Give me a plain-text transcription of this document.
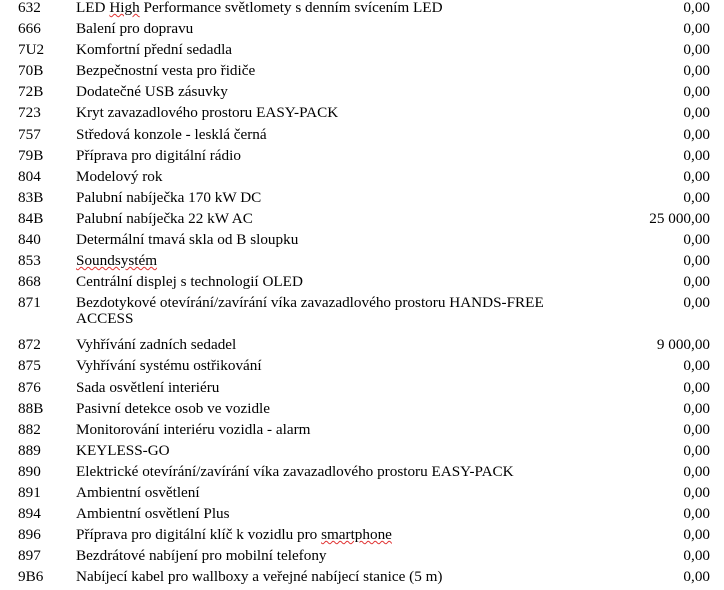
632	LED High Performance světlomety s denním svícením LED	0,00
666	Balení pro dopravu	0,00
7U2	Komfortní přední sedadla	0,00
70B	Bezpečnostní vesta pro řidiče	0,00
72B	Dodatečné USB zásuvky	0,00
723	Kryt zavazadlového prostoru EASY-PACK	0,00
757	Středová konzole - lesklá černá	0,00
79B	Příprava pro digitální rádio	0,00
804	Modelový rok	0,00
83B	Palubní nabíječka 170 kW DC	0,00
84B	Palubní nabíječka 22 kW AC	25 000,00
840	Determální tmavá skla od B sloupku	0,00
853	Soundsystém	0,00
868	Centrální displej s technologií OLED	0,00
871	Bezdotykové otevírání/zavírání víka zavazadlového prostoru HANDS-FREE ACCESS	0,00
872	Vyhřívání zadních sedadel	9 000,00
875	Vyhřívání systému ostřikování	0,00
876	Sada osvětlení interiéru	0,00
88B	Pasivní detekce osob ve vozidle	0,00
882	Monitorování interiéru vozidla - alarm	0,00
889	KEYLESS-GO	0,00
890	Elektrické otevírání/zavírání víka zavazadlového prostoru EASY-PACK	0,00
891	Ambientní osvětlení	0,00
894	Ambientní osvětlení Plus	0,00
896	Příprava pro digitální klíč k vozidlu pro smartphone	0,00
897	Bezdrátové nabíjení pro mobilní telefony	0,00
9B6	Nabíjecí kabel pro wallboxy a veřejné nabíjecí stanice (5 m)	0,00
